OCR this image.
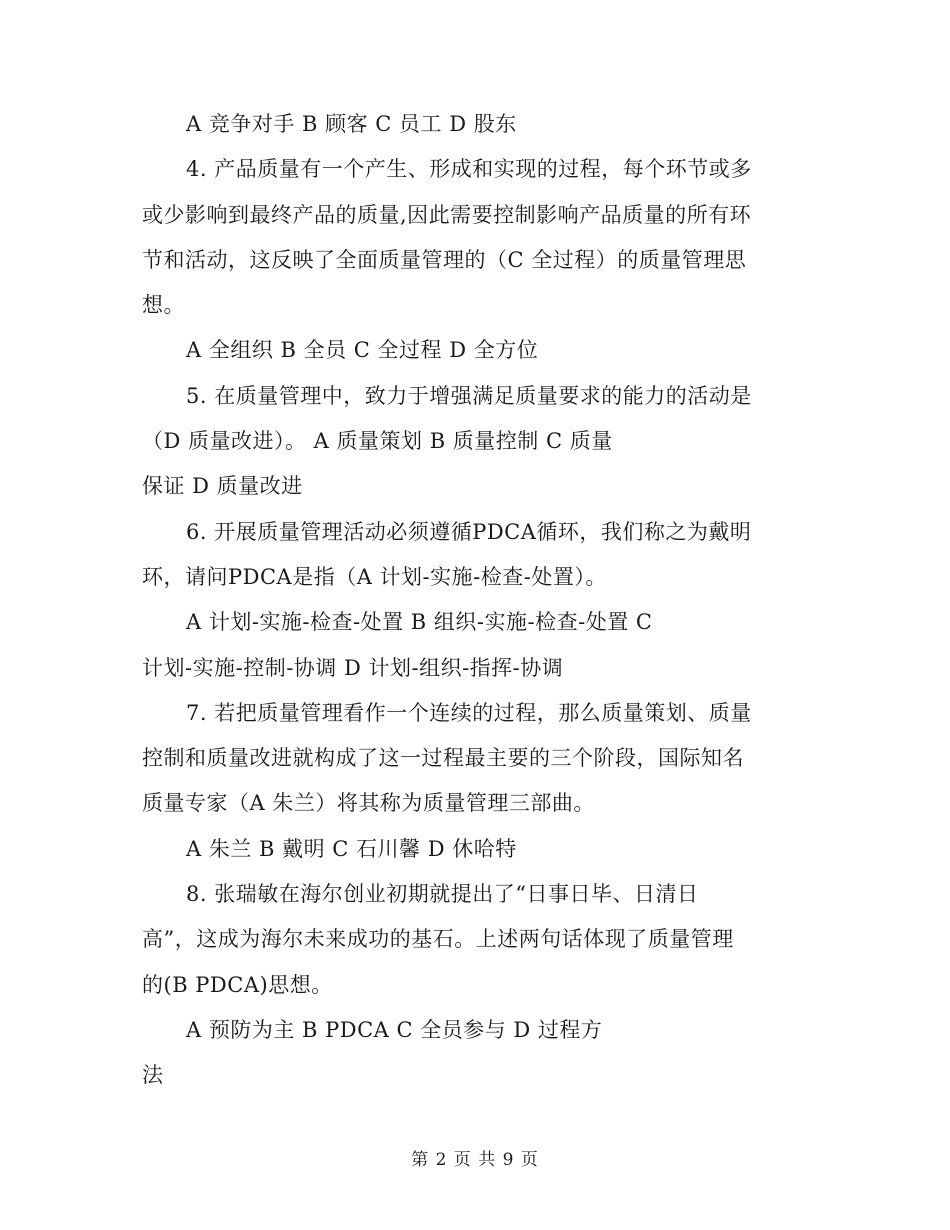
A 竞争对手 B 顾客 C 员工 D 股东
4. 产品质量有一个产生、形成和实现的过程，每个环节或多
或少影响到最终产品的质量,因此需要控制影响产品质量的所有环
节和活动，这反映了全面质量管理的（C 全过程）的质量管理思
想。
A 全组织 B 全员 C 全过程 D 全方位
5. 在质量管理中，致力于增强满足质量要求的能力的活动是
（D 质量改进）。 A 质量策划 B 质量控制 C 质量
保证 D 质量改进
6. 开展质量管理活动必须遵循PDCA循环，我们称之为戴明
环，请问PDCA是指（A 计划-实施-检查-处置）。
A 计划-实施-检查-处置 B 组织-实施-检查-处置 C
计划-实施-控制-协调 D 计划-组织-指挥-协调
7. 若把质量管理看作一个连续的过程，那么质量策划、质量
控制和质量改进就构成了这一过程最主要的三个阶段，国际知名
质量专家（A 朱兰）将其称为质量管理三部曲。
A 朱兰 B 戴明 C 石川馨 D 休哈特
8. 张瑞敏在海尔创业初期就提出了“日事日毕、日清日
高”，这成为海尔未来成功的基石。上述两句话体现了质量管理
的(B PDCA)思想。
A 预防为主 B PDCA C 全员参与 D 过程方
法
第 2 页 共 9 页
